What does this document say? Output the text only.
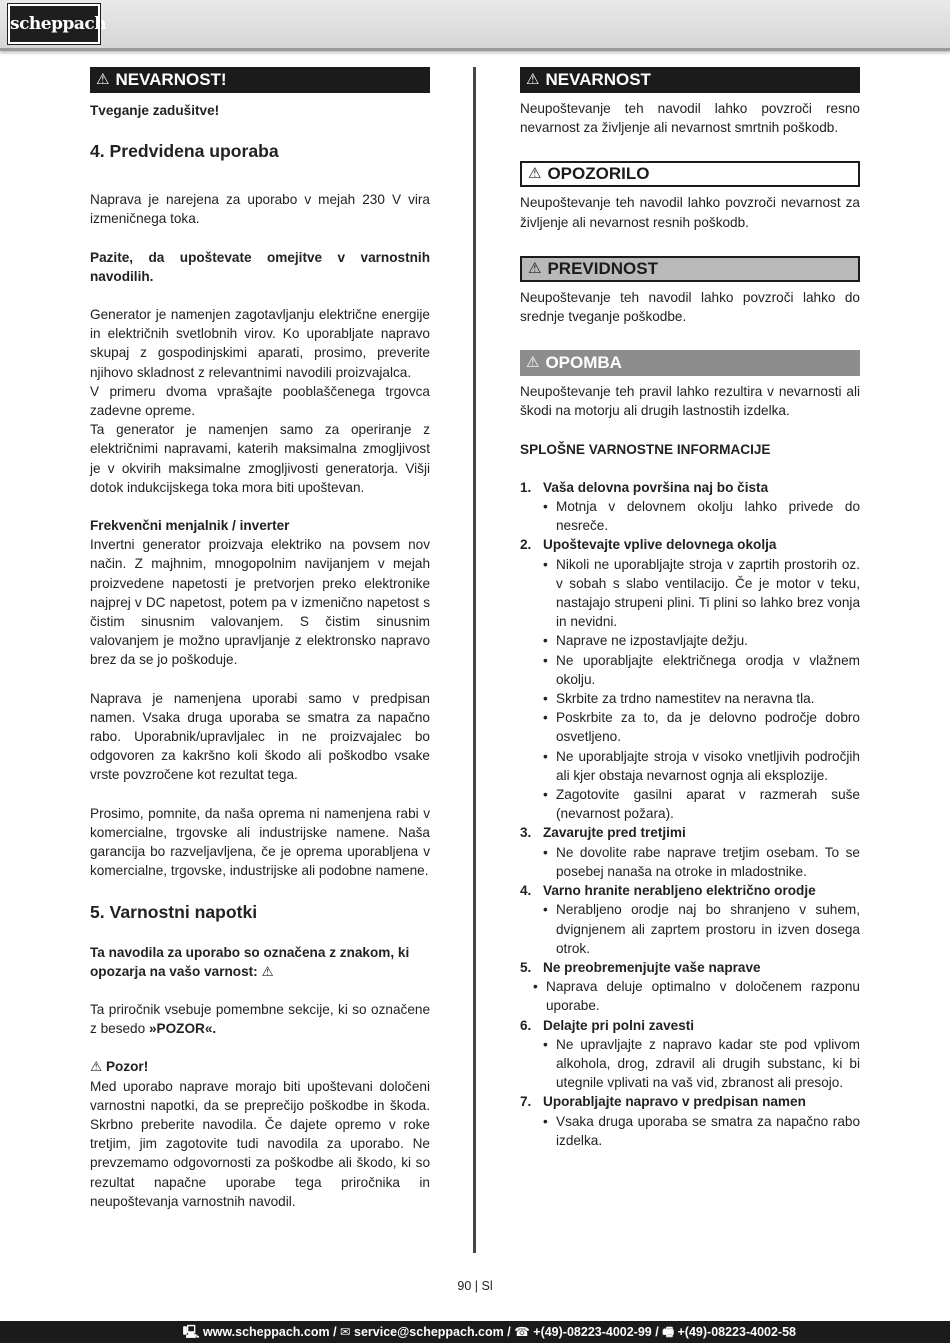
scheppach
⚠ NEVARNOST!

Tveganje zadušitve!

4. Predvidena uporaba

Naprava je narejena za uporabo v mejah 230 V vira izmeničnega toka.

Pazite, da upoštevate omejitve v varnostnih navodilih.

Generator je namenjen zagotavljanju električne energije in električnih svetlobnih virov. Ko uporabljate napravo skupaj z gospodinjskimi aparati, prosimo, preverite njihovo skladnost z relevantnimi navodili proizvajalca.

V primeru dvoma vprašajte pooblaščenega trgovca zadevne opreme.

Ta generator je namenjen samo za operiranje z električnimi napravami, katerih maksimalna zmogljivost je v okvirih maksimalne zmogljivosti generatorja. Višji dotok indukcijskega toka mora biti upoštevan.

Frekvenčni menjalnik / inverter

Invertni generator proizvaja elektriko na povsem nov način. Z majhnim, mnogopolnim navijanjem v mejah proizvedene napetosti je pretvorjen preko elektronike najprej v DC napetost, potem pa v izmenično napetost s čistim sinusnim valovanjem. S čistim sinusnim valovanjem je možno upravljanje z elektronsko napravo brez da se jo poškoduje.

Naprava je namenjena uporabi samo v predpisan namen. Vsaka druga uporaba se smatra za napačno rabo. Uporabnik/upravljalec in ne proizvajalec bo odgovoren za kakršno koli škodo ali poškodbo vsake vrste povzročene kot rezultat tega.

Prosimo, pomnite, da naša oprema ni namenjena rabi v komercialne, trgovske ali industrijske namene. Naša garancija bo razveljavljena, če je oprema uporabljena v komercialne, trgovske, industrijske ali podobne namene.

5. Varnostni napotki

Ta navodila za uporabo so označena z znakom, ki opozarja na vašo varnost: ⚠

Ta priročnik vsebuje pomembne sekcije, ki so označene z besedo »POZOR«.

⚠ Pozor!

Med uporabo naprave morajo biti upoštevani določeni varnostni napotki, da se preprečijo poškodbe in škoda. Skrbno preberite navodila. Če dajete opremo v roke tretjim, jim zagotovite tudi navodila za uporabo. Ne prevzemamo odgovornosti za poškodbe ali škodo, ki so rezultat napačne uporabe tega priročnika in neupoštevanja varnostnih navodil.

⚠ NEVARNOST

Neupoštevanje teh navodil lahko povzroči resno nevarnost za življenje ali nevarnost smrtnih poškodb.

⚠ OPOZORILO

Neupoštevanje teh navodil lahko povzroči nevarnost za življenje ali nevarnost resnih poškodb.

⚠ PREVIDNOST

Neupoštevanje teh navodil lahko povzroči lahko do srednje tveganje poškodbe.

⚠ OPOMBA

Neupoštevanje teh pravil lahko rezultira v nevarnosti ali škodi na motorju ali drugih lastnostih izdelka.

SPLOŠNE VARNOSTNE INFORMACIJE

1. Vaša delovna površina naj bo čista
• Motnja v delovnem okolju lahko privede do nesreče.
2. Upoštevajte vplive delovnega okolja
• Nikoli ne uporabljajte stroja v zaprtih prostorih oz. v sobah s slabo ventilacijo. Če je motor v teku, nastajajo strupeni plini. Ti plini so lahko brez vonja in nevidni.
• Naprave ne izpostavljajte dežju.
• Ne uporabljajte električnega orodja v vlažnem okolju.
• Skrbite za trdno namestitev na neravna tla.
• Poskrbite za to, da je delovno področje dobro osvetljeno.
• Ne uporabljajte stroja v visoko vnetljivih področjih ali kjer obstaja nevarnost ognja ali eksplozije.
• Zagotovite gasilni aparat v razmerah suše (nevarnost požara).
3. Zavarujte pred tretjimi
• Ne dovolite rabe naprave tretjim osebam. To se posebej nanaša na otroke in mladostnike.
4. Varno hranite nerabljeno električno orodje
• Nerabljeno orodje naj bo shranjeno v suhem, dvignjenem ali zaprtem prostoru in izven dosega otrok.
5. Ne preobremenjujte vaše naprave
• Naprava deluje optimalno v določenem razponu uporabe.
6. Delajte pri polni zavesti
• Ne upravljajte z napravo kadar ste pod vplivom alkohola, drog, zdravil ali drugih substanc, ki bi utegnile vplivati na vaš vid, zbranost ali presojo.
7. Uporabljajte napravo v predpisan namen
• Vsaka druga uporaba se smatra za napačno rabo izdelka.
90 | Sl
🖳 www.scheppach.com / ✉ service@scheppach.com / ☎ +(49)-08223-4002-99 / 🖷 +(49)-08223-4002-58
